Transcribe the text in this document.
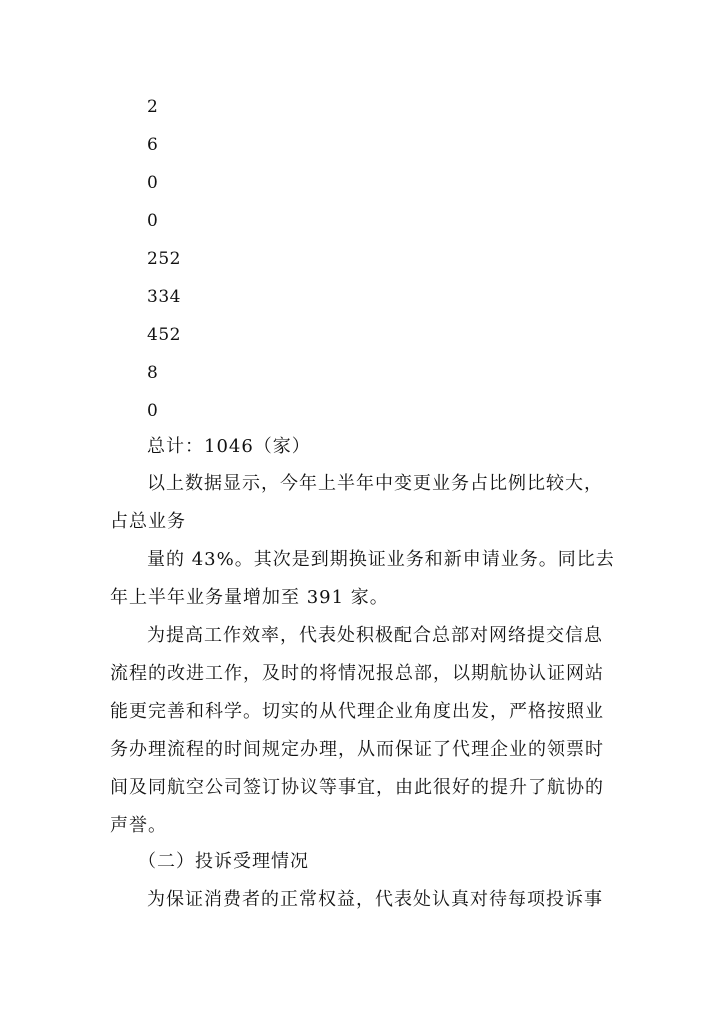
2
6
0
0
252
334
452
8
0
总计：1046（家）
以上数据显示，今年上半年中变更业务占比例比较大，
占总业务
量的 43%。其次是到期换证业务和新申请业务。同比去
年上半年业务量增加至 391 家。
为提高工作效率，代表处积极配合总部对网络提交信息
流程的改进工作，及时的将情况报总部，以期航协认证网站
能更完善和科学。切实的从代理企业角度出发，严格按照业
务办理流程的时间规定办理，从而保证了代理企业的领票时
间及同航空公司签订协议等事宜，由此很好的提升了航协的
声誉。
（二）投诉受理情况
为保证消费者的正常权益，代表处认真对待每项投诉事
